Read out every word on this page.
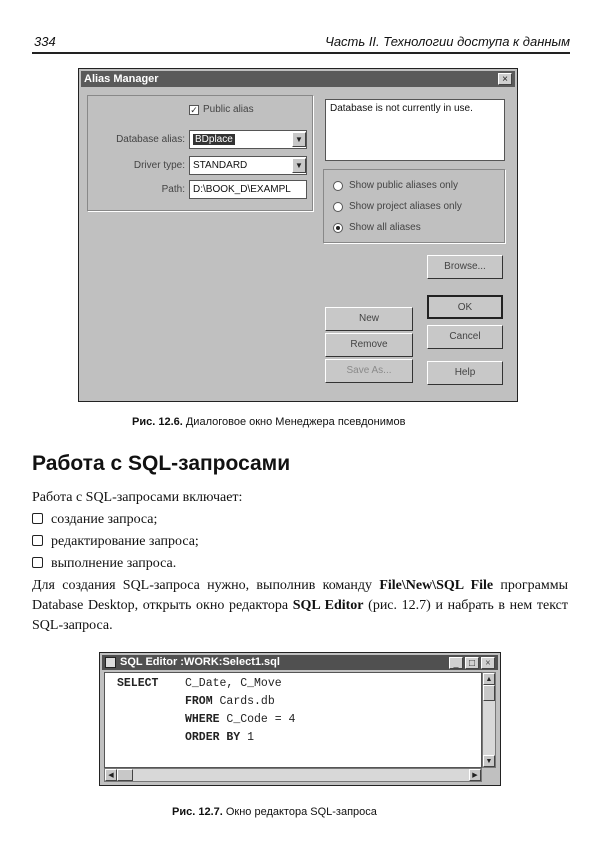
334	Часть II. Технологии доступа к данным
Alias Manager	×
✓ Public alias
Database alias:	BDplace	▼
Driver type: STANDARD	▼
Path: D:\BOOK_D\EXAMPL
Database is not currently in use.
Show public aliases only
Show project aliases only
Show all aliases
Browse...
New
Remove
Save As...
OK
Cancel
Help
Рис. 12.6. Диалоговое окно Менеджера псевдонимов
Работа с SQL-запросами
Работа с SQL-запросами включает:
создание запроса;
редактирование запроса;
выполнение запроса.
Для создания SQL-запроса нужно, выполнив команду File\New\SQL File программы Database Desktop, открыть окно редактора SQL Editor (рис. 12.7) и набрать в нем текст SQL-запроса.
SQL Editor :WORK:Select1.sql	_	□	×
SELECT C_Date, C_Move
FROM Cards.db
WHERE C_Code = 4
ORDER BY 1
▲
▼
◀	▶
Рис. 12.7. Окно редактора SQL-запроса
